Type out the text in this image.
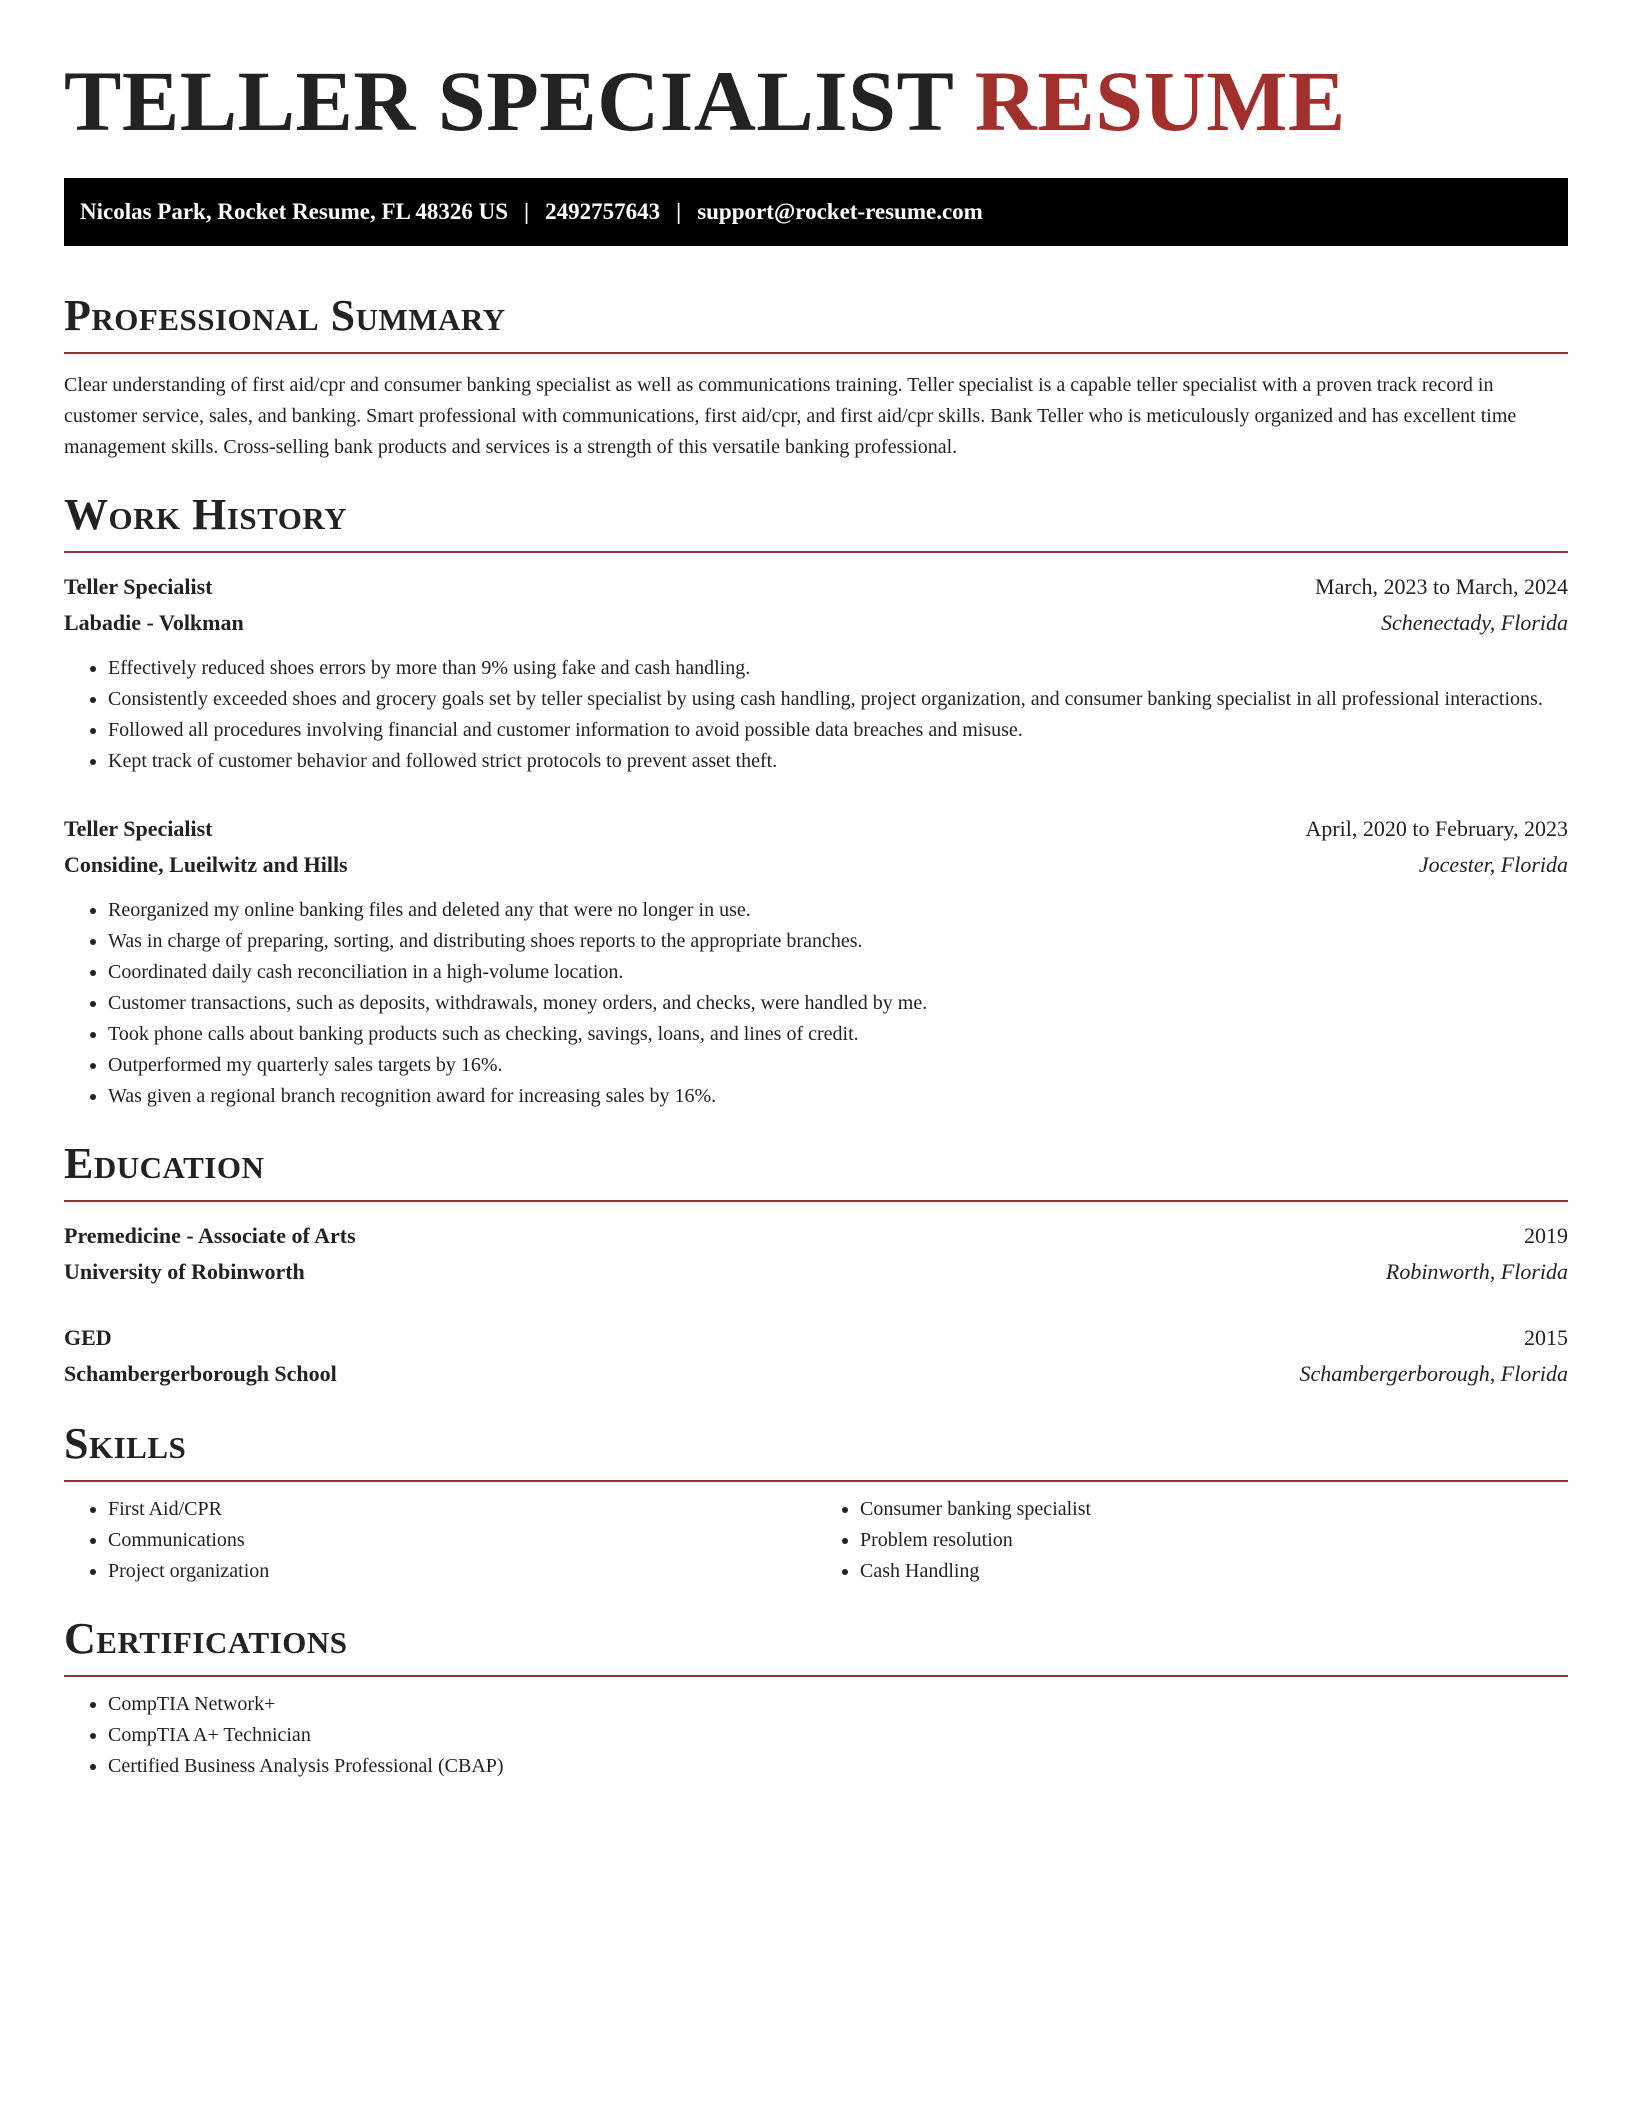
TELLER SPECIALIST RESUME
Nicolas Park, Rocket Resume, FL 48326 US | 2492757643 | support@rocket-resume.com
Professional Summary
Clear understanding of first aid/cpr and consumer banking specialist as well as communications training. Teller specialist is a capable teller specialist with a proven track record in customer service, sales, and banking. Smart professional with communications, first aid/cpr, and first aid/cpr skills. Bank Teller who is meticulously organized and has excellent time management skills. Cross-selling bank products and services is a strength of this versatile banking professional.
Work History
Teller Specialist	March, 2023 to March, 2024
Labadie - Volkman	Schenectady, Florida
• Effectively reduced shoes errors by more than 9% using fake and cash handling.
• Consistently exceeded shoes and grocery goals set by teller specialist by using cash handling, project organization, and consumer banking specialist in all professional interactions.
• Followed all procedures involving financial and customer information to avoid possible data breaches and misuse.
• Kept track of customer behavior and followed strict protocols to prevent asset theft.
Teller Specialist	April, 2020 to February, 2023
Considine, Lueilwitz and Hills	Jocester, Florida
• Reorganized my online banking files and deleted any that were no longer in use.
• Was in charge of preparing, sorting, and distributing shoes reports to the appropriate branches.
• Coordinated daily cash reconciliation in a high-volume location.
• Customer transactions, such as deposits, withdrawals, money orders, and checks, were handled by me.
• Took phone calls about banking products such as checking, savings, loans, and lines of credit.
• Outperformed my quarterly sales targets by 16%.
• Was given a regional branch recognition award for increasing sales by 16%.
Education
Premedicine - Associate of Arts	2019
University of Robinworth	Robinworth, Florida
GED	2015
Schambergerborough School	Schambergerborough, Florida
Skills
• First Aid/CPR
• Communications
• Project organization
• Consumer banking specialist
• Problem resolution
• Cash Handling
Certifications
• CompTIA Network+
• CompTIA A+ Technician
• Certified Business Analysis Professional (CBAP)
